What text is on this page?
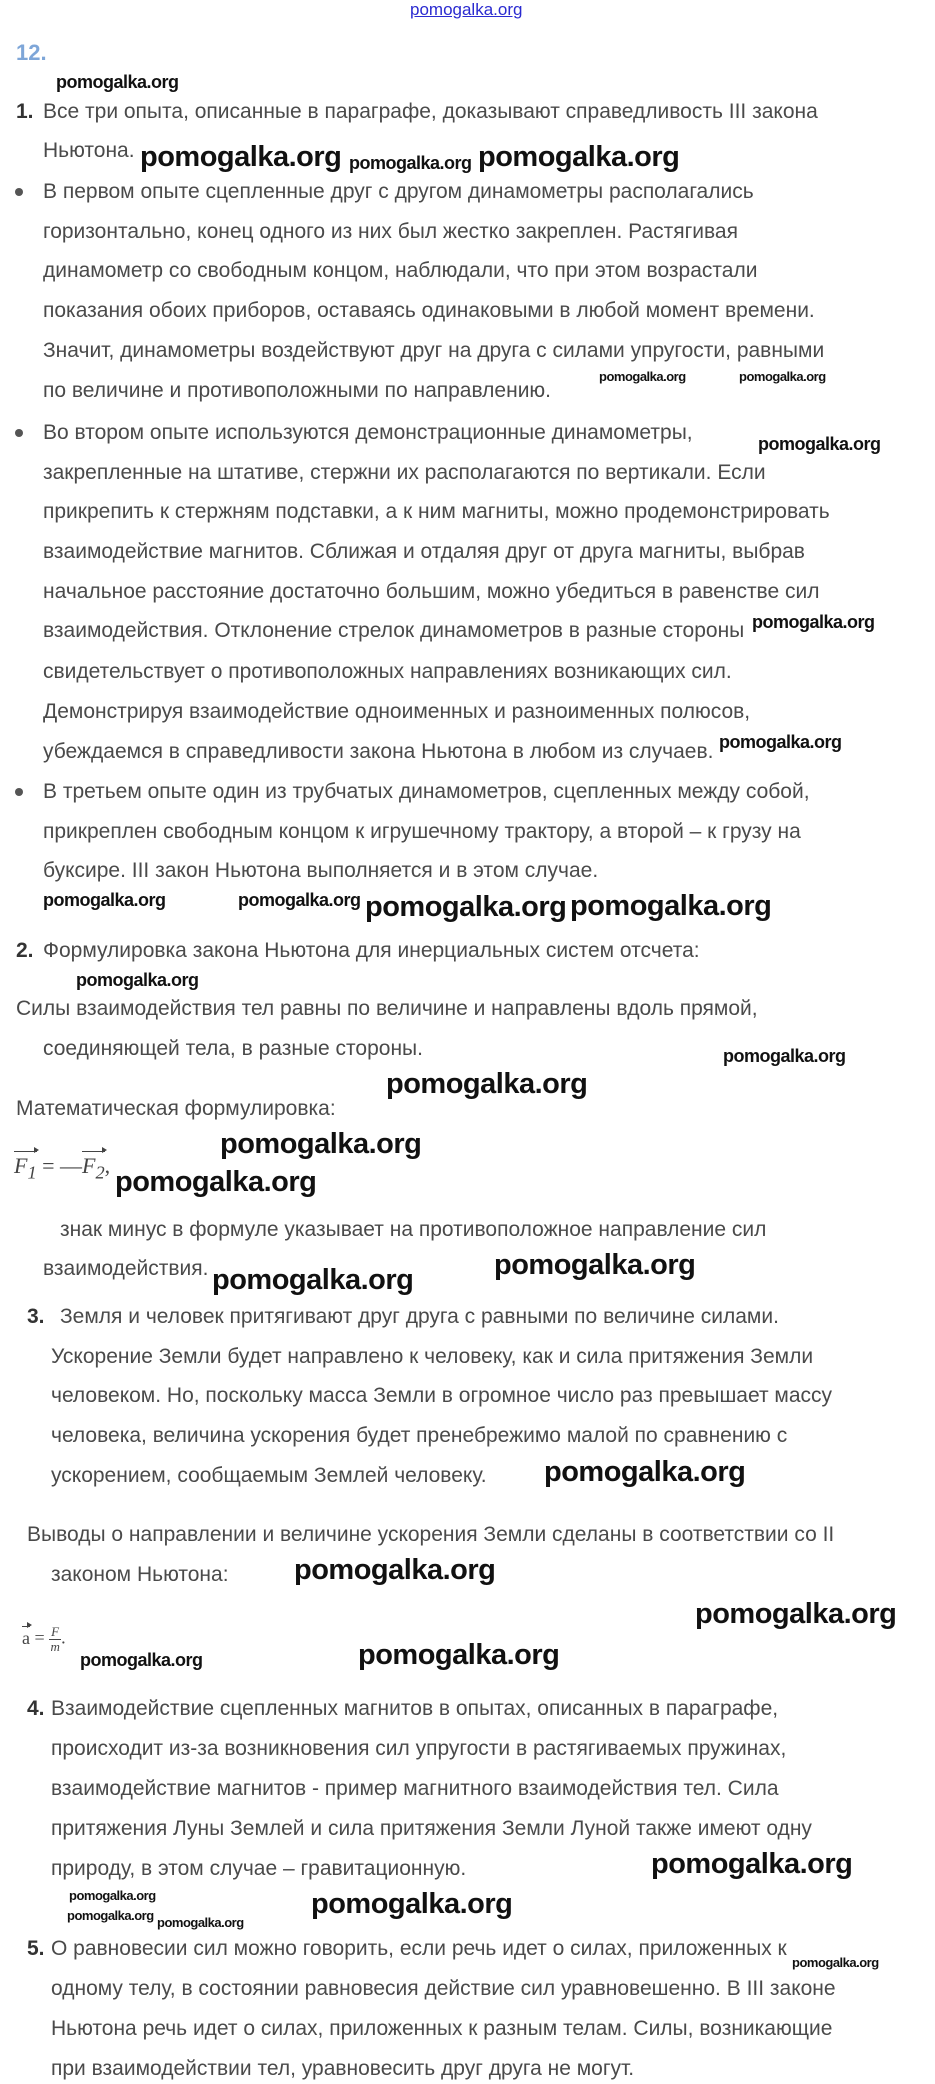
pomogalka.org
12.
Все три опыта, описанные в параграфе, доказывают справедливость III закона
Ньютона.
В первом опыте сцепленные друг с другом динамометры располагались
горизонтально, конец одного из них был жестко закреплен. Растягивая
динамометр со свободным концом, наблюдали, что при этом возрастали
показания обоих приборов, оставаясь одинаковыми в любой момент времени.
Значит, динамометры воздействуют друг на друга с силами упругости, равными
по величине и противоположными по направлению.
Во втором опыте используются демонстрационные динамометры,
закрепленные на штативе, стержни их располагаются по вертикали. Если
прикрепить к стержням подставки, а к ним магниты, можно продемонстрировать
взаимодействие магнитов. Сближая и отдаляя друг от друга магниты, выбрав
начальное расстояние достаточно большим, можно убедиться в равенстве сил
взаимодействия. Отклонение стрелок динамометров в разные стороны
свидетельствует о противоположных направлениях возникающих сил.
Демонстрируя взаимодействие одноименных и разноименных полюсов,
убеждаемся в справедливости закона Ньютона в любом из случаев.
В третьем опыте один из трубчатых динамометров, сцепленных между собой,
прикреплен свободным концом к игрушечному трактору, а второй – к грузу на
буксире. III закон Ньютона выполняется и в этом случае.
Формулировка закона Ньютона для инерциальных систем отсчета:
Силы взаимодействия тел равны по величине и направлены вдоль прямой,
соединяющей тела, в разные стороны.
Математическая формулировка:
знак минус в формуле указывает на противоположное направление сил
взаимодействия.
Земля и человек притягивают друг друга с равными по величине силами.
Ускорение Земли будет направлено к человеку, как и сила притяжения Земли
человеком. Но, поскольку масса Земли в огромное число раз превышает массу
человека, величина ускорения будет пренебрежимо малой по сравнению с
ускорением, сообщаемым Землей человеку.
Выводы о направлении и величине ускорения Земли сделаны в соответствии со II
законом Ньютона:
Взаимодействие сцепленных магнитов в опытах, описанных в параграфе,
происходит из-за возникновения сил упругости в растягиваемых пружинах,
взаимодействие магнитов - пример магнитного взаимодействия тел. Сила
притяжения Луны Землей и сила притяжения Земли Луной также имеют одну
природу, в этом случае – гравитационную.
О равновесии сил можно говорить, если речь идет о силах, приложенных к
одному телу, в состоянии равновесия действие сил уравновешенно. В III законе
Ньютона речь идет о силах, приложенных к разным телам. Силы, возникающие
при взаимодействии тел, уравновесить друг друга не могут.
1.
2.
3.
4.
5.
$F_1$ = $—F_2$,
$a = \frac{F}{m}$ .
pomogalka.org	pomogalka.org
pomogalka.org
pomogalka.org	pomogalka.org
pomogalka.org
pomogalka.org
pomogalka.org
pomogalka.org
pomogalka.org
pomogalka.org
pomogalka.org
pomogalka.org
pomogalka.org
pomogalka.org
pomogalka.org
pomogalka.org
pomogalka.org
pomogalka.org
pomogalka.org
pomogalka.org
pomogalka.org
pomogalka.org
pomogalka.org	pomogalka.org
pomogalka.org
pomogalka.org
pomogalka.org	pomogalka.org
pomogalka.org
pomogalka.org
